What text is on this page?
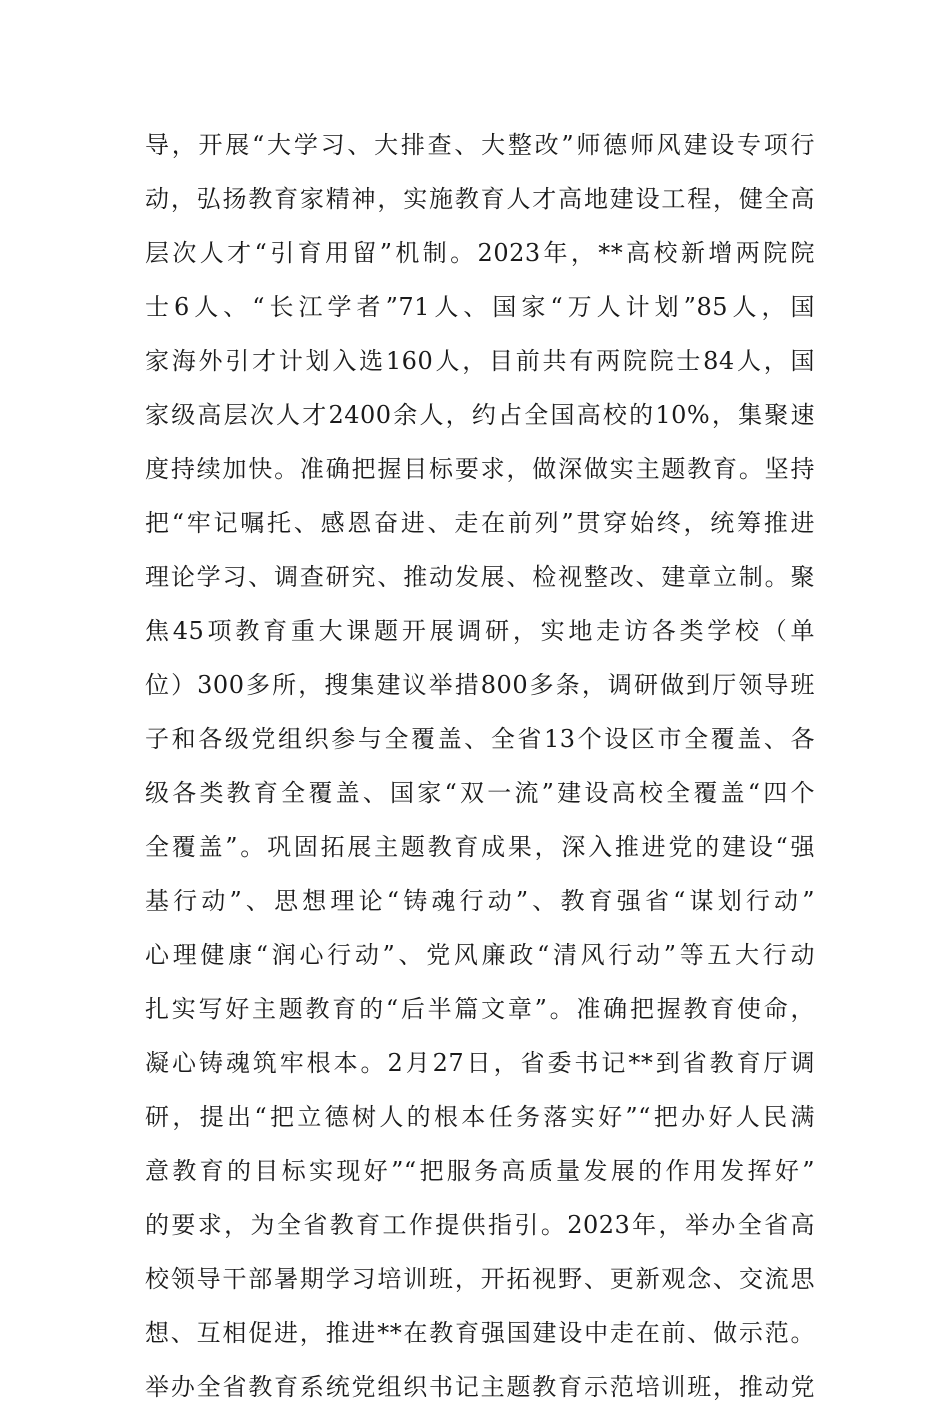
导，开展“大学习、大排查、大整改”师德师风建设专项行
动，弘扬教育家精神，实施教育人才高地建设工程，健全高
层次人才“引育用留”机制。2023年，**高校新增两院院
士6人、“长江学者”71人、国家“万人计划”85人，国
家海外引才计划入选160人，目前共有两院院士84人，国
家级高层次人才2400余人，约占全国高校的10%，集聚速
度持续加快。准确把握目标要求，做深做实主题教育。坚持
把“牢记嘱托、感恩奋进、走在前列”贯穿始终，统筹推进
理论学习、调查研究、推动发展、检视整改、建章立制。聚
焦45项教育重大课题开展调研，实地走访各类学校（单
位）300多所，搜集建议举措800多条，调研做到厅领导班
子和各级党组织参与全覆盖、全省13个设区市全覆盖、各
级各类教育全覆盖、国家“双一流”建设高校全覆盖“四个
全覆盖”。巩固拓展主题教育成果，深入推进党的建设“强
基行动”、思想理论“铸魂行动”、教育强省“谋划行动”
心理健康“润心行动”、党风廉政“清风行动”等五大行动
扎实写好主题教育的“后半篇文章”。准确把握教育使命，
凝心铸魂筑牢根本。2月27日，省委书记**到省教育厅调
研，提出“把立德树人的根本任务落实好”“把办好人民满
意教育的目标实现好”“把服务高质量发展的作用发挥好”
的要求，为全省教育工作提供指引。2023年，举办全省高
校领导干部暑期学习培训班，开拓视野、更新观念、交流思
想、互相促进，推进**在教育强国建设中走在前、做示范。
举办全省教育系统党组织书记主题教育示范培训班，推动党
